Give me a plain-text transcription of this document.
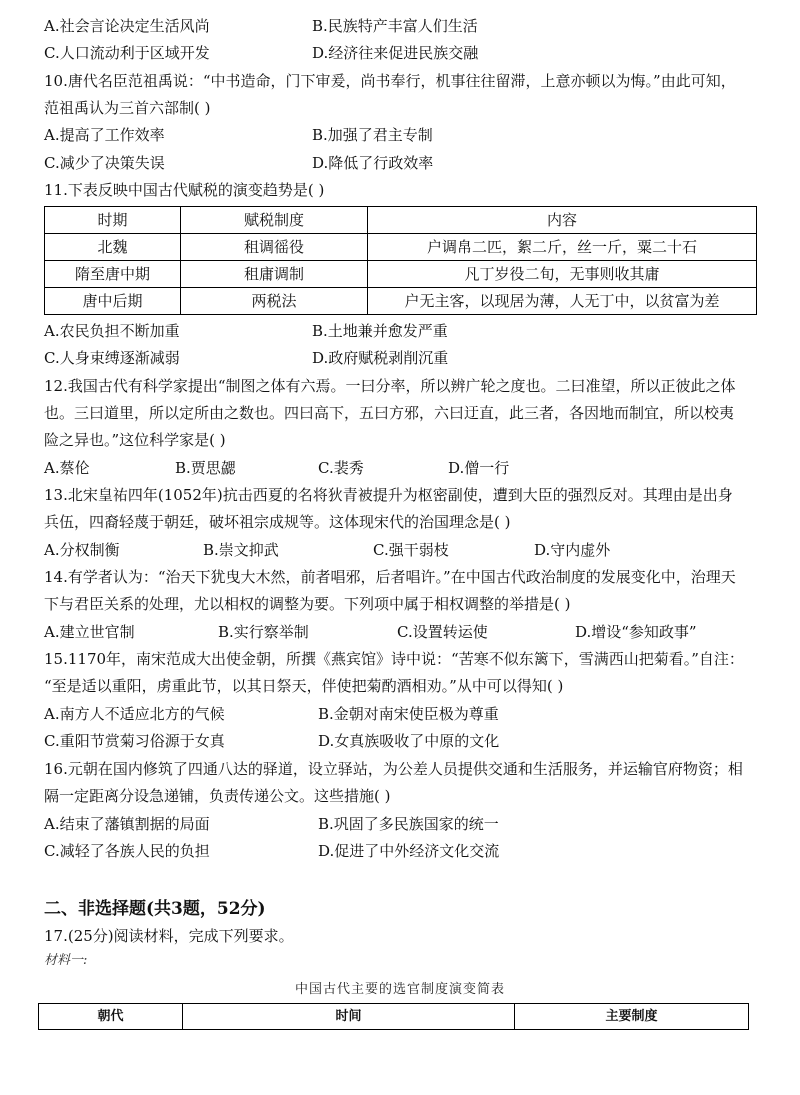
A.社会言论决定生活风尚	B.民族特产丰富人们生活
C.人口流动利于区域开发	D.经济往来促进民族交融
10.唐代名臣范祖禹说：“中书造命，门下审爰，尚书奉行，机事往往留滞，上意亦顿以为悔。”由此可知，
范祖禹认为三首六部制( )
A.提高了工作效率	B.加强了君主专制
C.减少了决策失误	D.降低了行政效率
11.下表反映中国古代赋税的演变趋势是( )
时期	赋税制度	内容
北魏	租调徭役	户调帛二匹，絮二斤，丝一斤，粟二十石
隋至唐中期	租庸调制	凡丁岁役二旬，无事则收其庸
唐中后期	两税法	户无主客，以现居为薄，人无丁中，以贫富为差
A.农民负担不断加重	B.土地兼并愈发严重
C.人身束缚逐渐减弱	D.政府赋税剥削沉重
12.我国古代有科学家提出“制图之体有六焉。一曰分率，所以辨广轮之度也。二曰准望，所以正彼此之体
也。三曰道里，所以定所由之数也。四曰高下，五曰方邪，六曰迂直，此三者，各因地而制宜，所以校夷
险之异也。”这位科学家是( )
A.蔡伦	B.贾思勰	C.裴秀	D.僧一行
13.北宋皇祐四年(1052年)抗击西夏的名将狄青被提升为枢密副使，遭到大臣的强烈反对。其理由是出身
兵伍，四裔轻蔑于朝廷，破坏祖宗成规等。这体现宋代的治国理念是( )
A.分权制衡	B.崇文抑武	C.强干弱枝	D.守内虚外
14.有学者认为：“治天下犹曳大木然，前者唱邪，后者唱许。”在中国古代政治制度的发展变化中，治理天
下与君臣关系的处理，尤以相权的调整为要。下列项中属于相权调整的举措是( )
A.建立世官制	B.实行察举制	C.设置转运使	D.增设“参知政事”
15.1170年，南宋范成大出使金朝，所撰《燕宾馆》诗中说：“苦寒不似东篱下，雪满西山把菊看。”自注：
“至是适以重阳，虏重此节，以其日祭天，伴使把菊酌酒相劝。”从中可以得知( )
A.南方人不适应北方的气候	B.金朝对南宋使臣极为尊重
C.重阳节赏菊习俗源于女真	D.女真族吸收了中原的文化
16.元朝在国内修筑了四通八达的驿道，设立驿站，为公差人员提供交通和生活服务，并运输官府物资；相
隔一定距离分设急递铺，负责传递公文。这些措施( )
A.结束了藩镇割据的局面	B.巩固了多民族国家的统一
C.减轻了各族人民的负担	D.促进了中外经济文化交流
二、非选择题(共3题，52分)
17.(25分)阅读材料，完成下列要求。
材料一:
中国古代主要的选官制度演变简表
朝代	时间	主要制度
